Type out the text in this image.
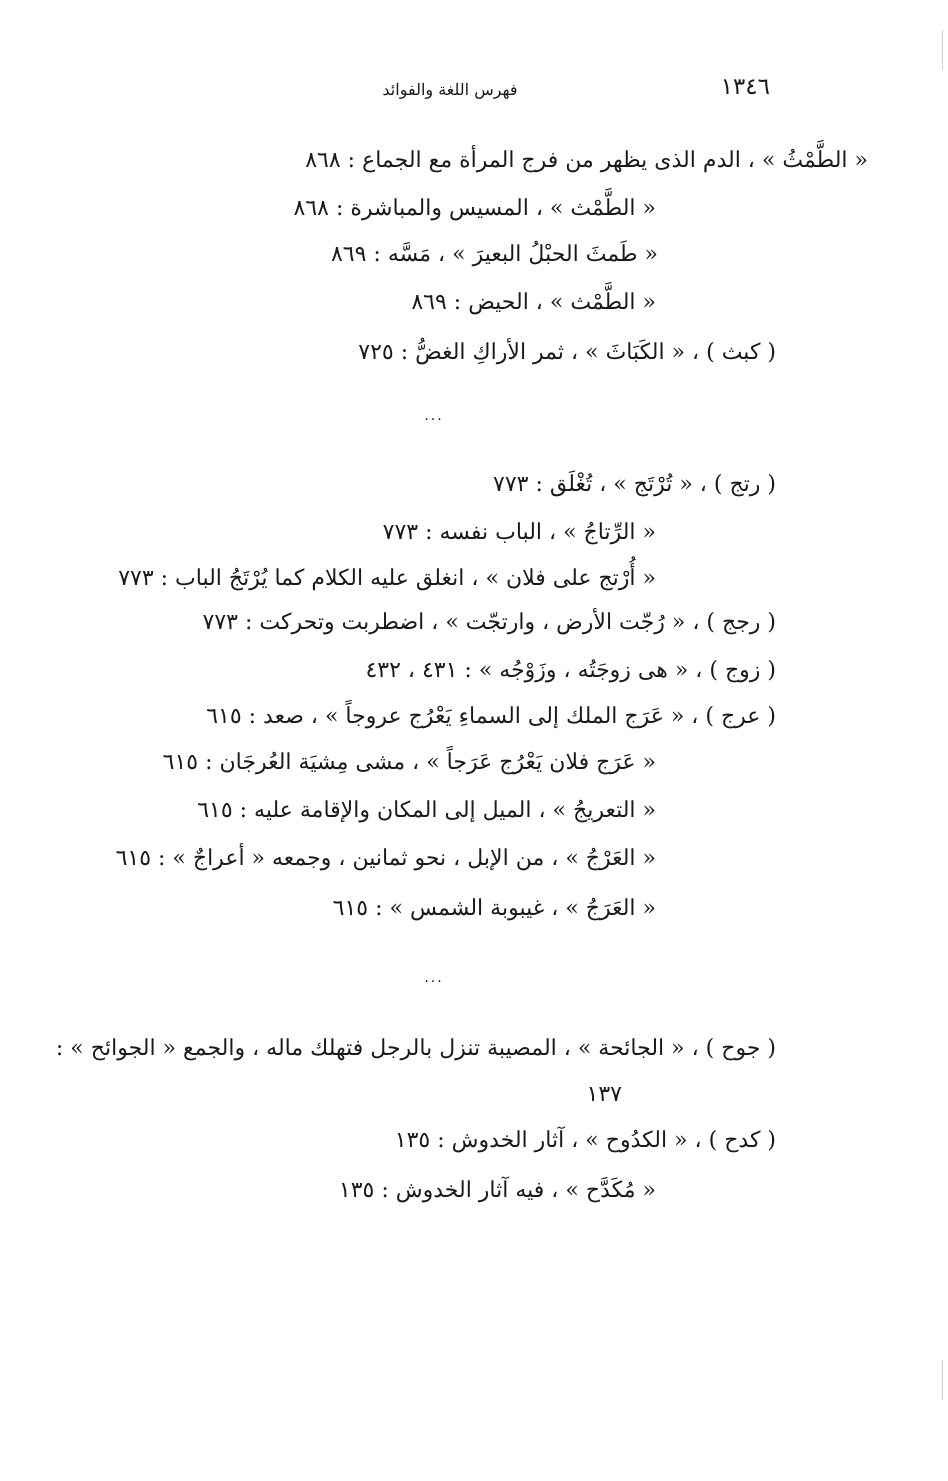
فهرس اللغة والفوائد	١٣٤٦
« الطَّمْثُ » ، الدم الذى يظهر من فرج المرأة مع الجماع : ٨٦٨
« الطَّمْث » ، المسيس والمباشرة : ٨٦٨
« طَمثَ الحبْلُ البعيرَ » ، مَسَّه : ٨٦٩
« الطَّمْث » ، الحيض : ٨٦٩
( كبث ) ، « الكَبَاثَ » ، ثمر الأراكِ الغضُّ : ٧٢٥
...
( رتج ) ، « تُرْتَج » ، تُغْلَق : ٧٧٣
« الرِّتاجُ » ، الباب نفسه : ٧٧٣
« أُرْتج على فلان » ، انغلق عليه الكلام كما يُرْتَجُ الباب : ٧٧٣
( رجج ) ، « رُجّت الأرض ، وارتجّت » ، اضطربت وتحركت : ٧٧٣
( زوج ) ، « هى زوجَتُه ، وزَوْجُه » : ٤٣١ ، ٤٣٢
( عرج ) ، « عَرَج الملك إلى السماءِ يَعْرُج عروجاً » ، صعد : ٦١٥
« عَرَج فلان يَعْرُج عَرَجاً » ، مشى مِشيَة العُرجَان : ٦١٥
« التعريجُ » ، الميل إلى المكان والإقامة عليه : ٦١٥
« العَرْجُ » ، من الإبل ، نحو ثمانين ، وجمعه « أعراجٌ » : ٦١٥
« العَرَجُ » ، غيبوبة الشمس » : ٦١٥
...
( جوح ) ، « الجائحة » ، المصيبة تنزل بالرجل فتهلك ماله ، والجمع « الجوائح » :
١٣٧
( كدح ) ، « الكدُوح » ، آثار الخدوش : ١٣٥
« مُكَدَّح » ، فيه آثار الخدوش : ١٣٥
